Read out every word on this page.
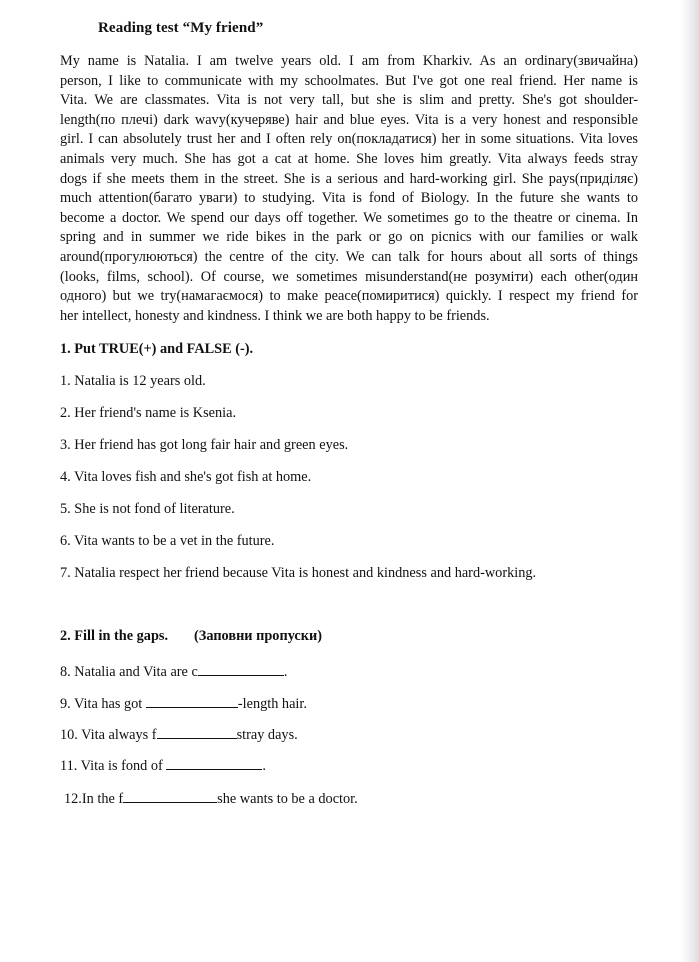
Reading test “My friend”
My name is Natalia. I am twelve years old. I am from Kharkiv. As an ordinary(звичайна)
person, I like to communicate with my schoolmates. But I've got one real friend. Her name is
Vita. We are classmates. Vita is not very tall, but she is slim and pretty. She's got shoulder-
length(по плечі) dark wavy(кучеряве) hair and blue eyes. Vita is a very honest and responsible
girl. I can absolutely trust her and I often rely on(покладатися) her in some situations. Vita loves
animals very much. She has got a cat at home. She loves him greatly. Vita always feeds stray
dogs if she meets them in the street. She is a serious and hard-working girl. She pays(приділяє)
much attention(багато уваги) to studying. Vita is fond of Biology. In the future she wants to
become a doctor. We spend our days off together. We sometimes go to the theatre or cinema. In
spring and in summer we ride bikes in the park or go on picnics with our families or walk
around(прогулюються) the centre of the city. We can talk for hours about all sorts of things
(looks, films, school). Of course, we sometimes misunderstand(не розуміти) each other(один
одного) but we try(намагаємося) to make peace(помиритися) quickly. I respect my friend for
her intellect, honesty and kindness. I think we are both happy to be friends.
1. Put TRUE(+) and FALSE (-).
1. Natalia is 12 years old.
2. Her friend's name is Ksenia.
3. Her friend has got long fair hair and green eyes.
4. Vita loves fish and she's got fish at home.
5. She is not fond of literature.
6. Vita wants to be a vet in the future.
7. Natalia respect her friend because Vita is honest and kindness and hard-working.
2. Fill in the gaps. (Заповни пропуски)
8. Natalia and Vita are c	.
9. Vita has got	-length hair.
10. Vita always f	stray days.
11. Vita is fond of	.
12.In the f	she wants to be a doctor.
